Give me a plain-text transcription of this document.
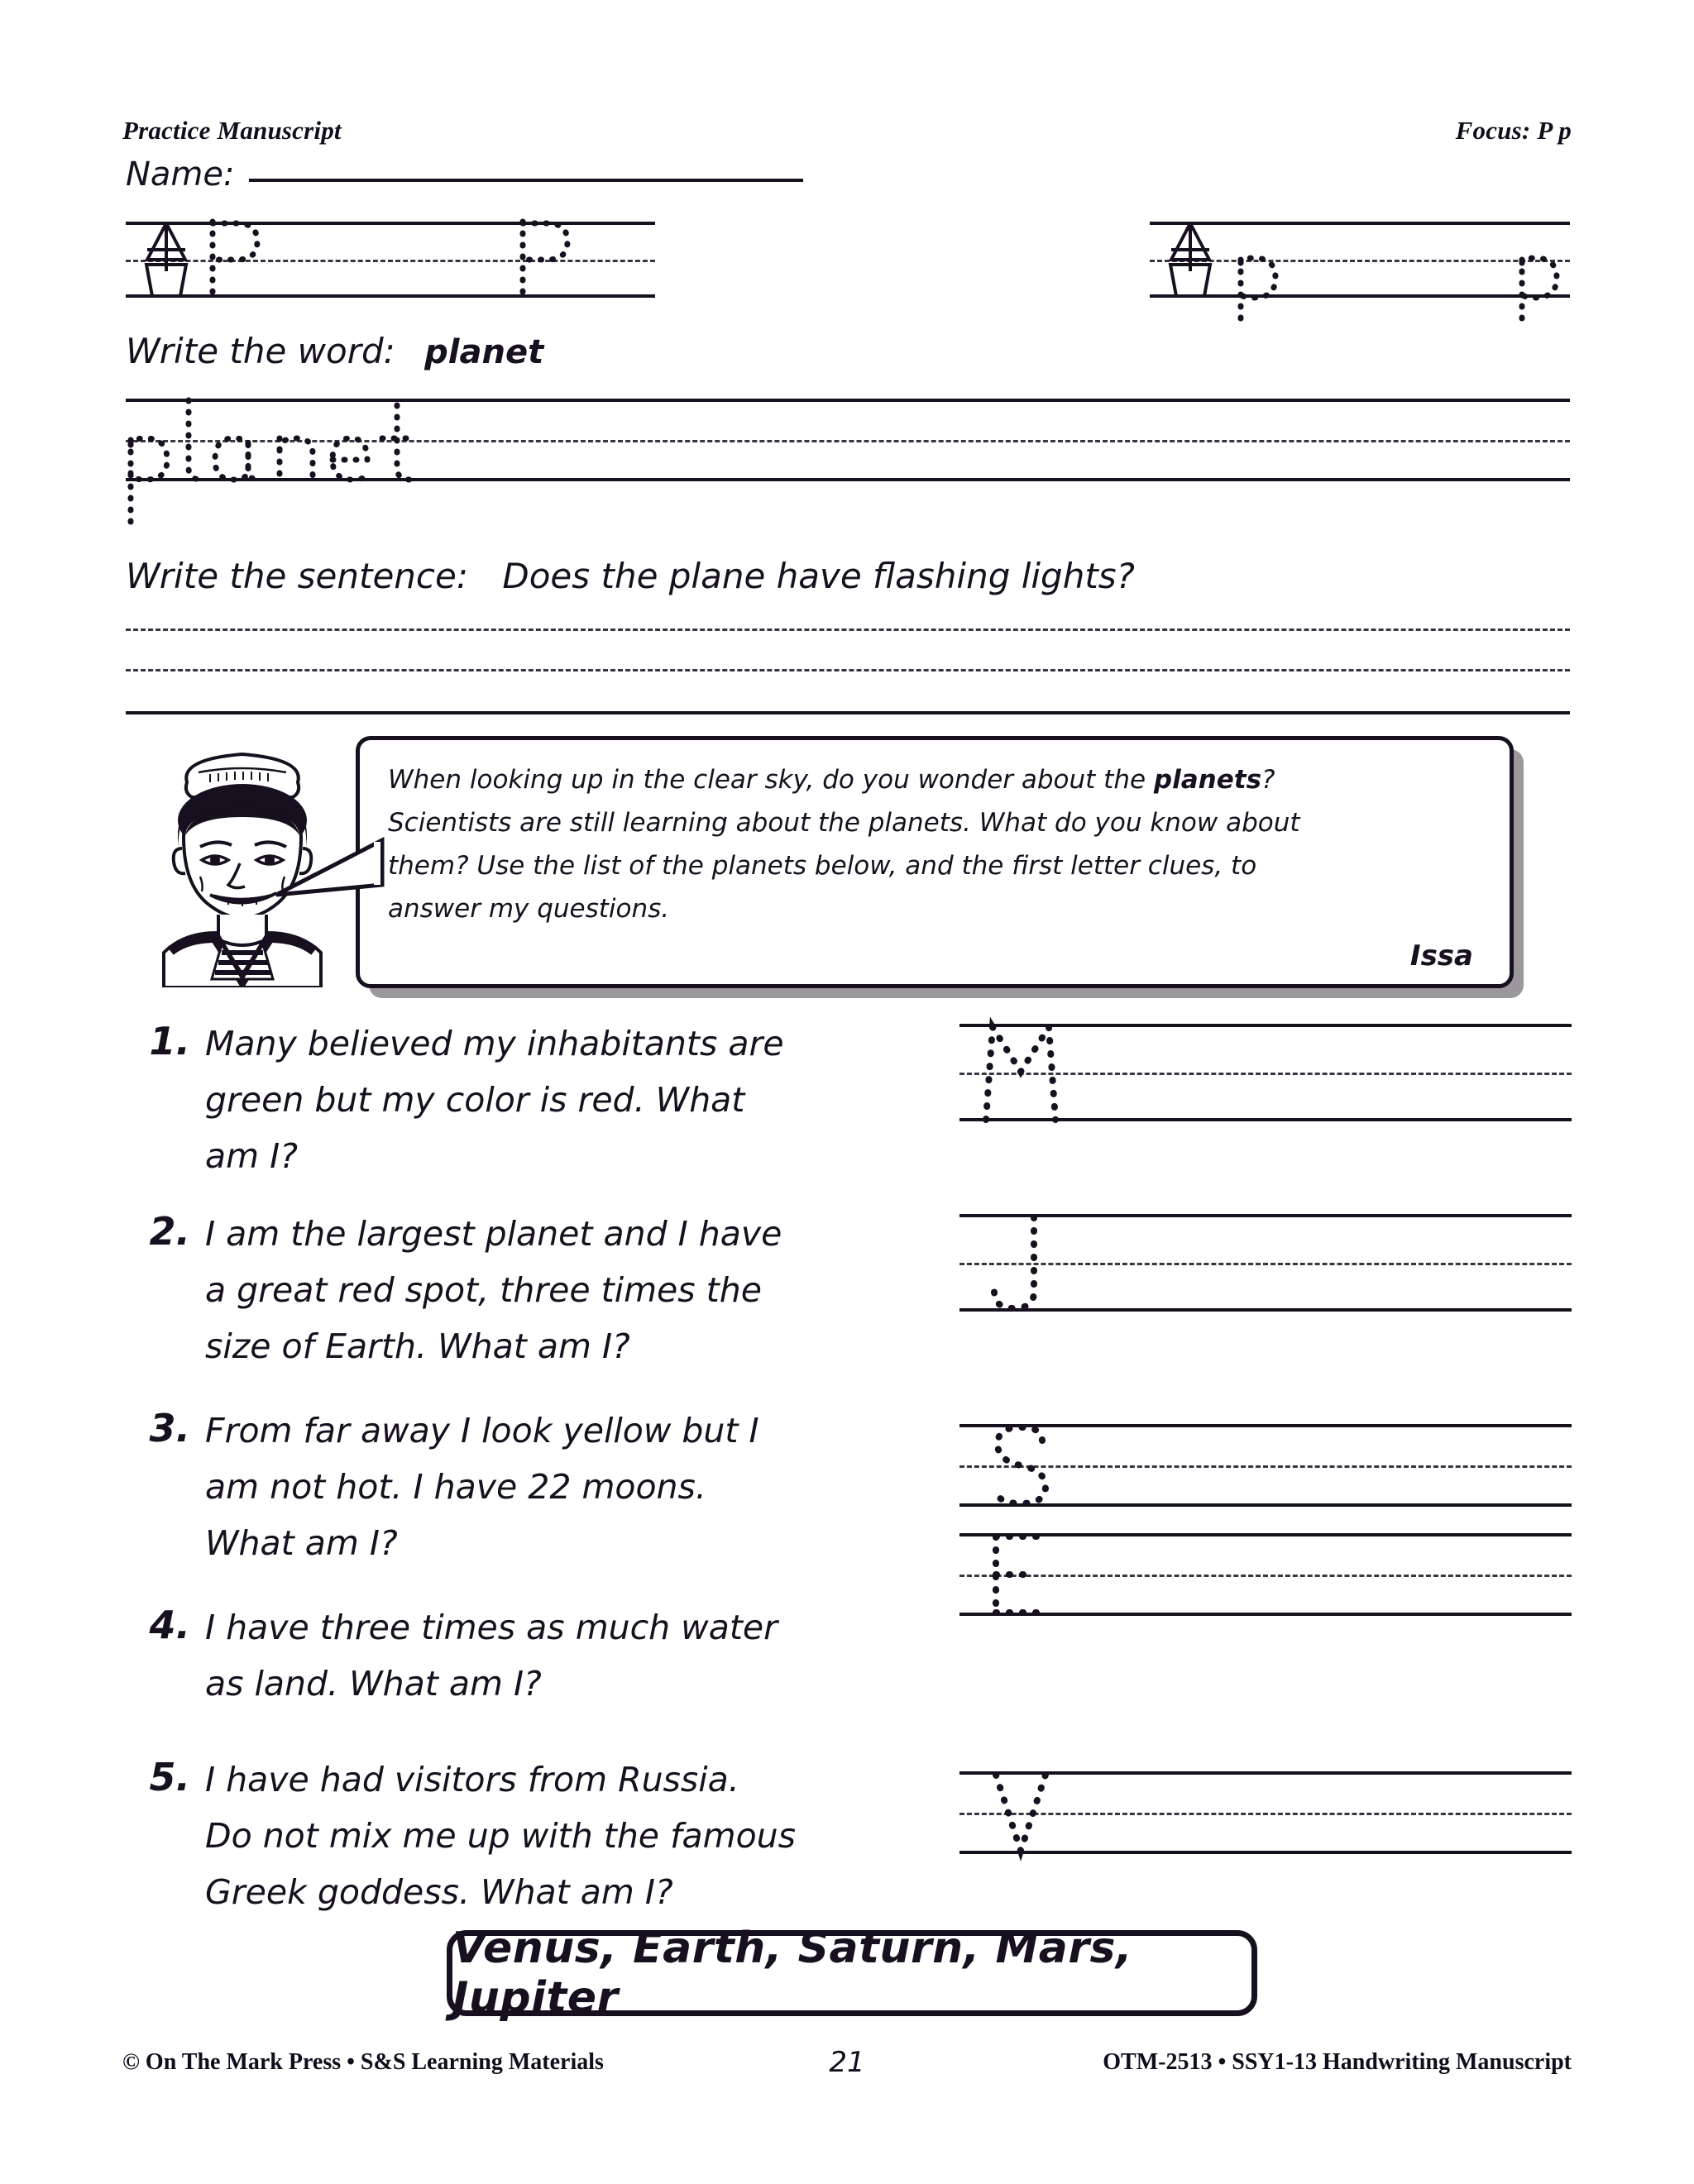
Practice Manuscript	Focus: P p
Name:
Write the word: planet
Write the sentence: Does the plane have flashing lights?
When looking up in the clear sky, do you wonder about the planets?
Scientists are still learning about the planets. What do you know about
them? Use the list of the planets below, and the first letter clues, to
answer my questions.
Issa
1. Many believed my inhabitants are
green but my color is red. What
am I?
2. I am the largest planet and I have
a great red spot, three times the
size of Earth. What am I?
3. From far away I look yellow but I
am not hot. I have 22 moons.
What am I?
4. I have three times as much water
as land. What am I?
5. I have had visitors from Russia.
Do not mix me up with the famous
Greek goddess. What am I?
Venus, Earth, Saturn, Mars, Jupiter
© On The Mark Press • S&S Learning Materials	21	OTM-2513 • SSY1-13 Handwriting Manuscript
